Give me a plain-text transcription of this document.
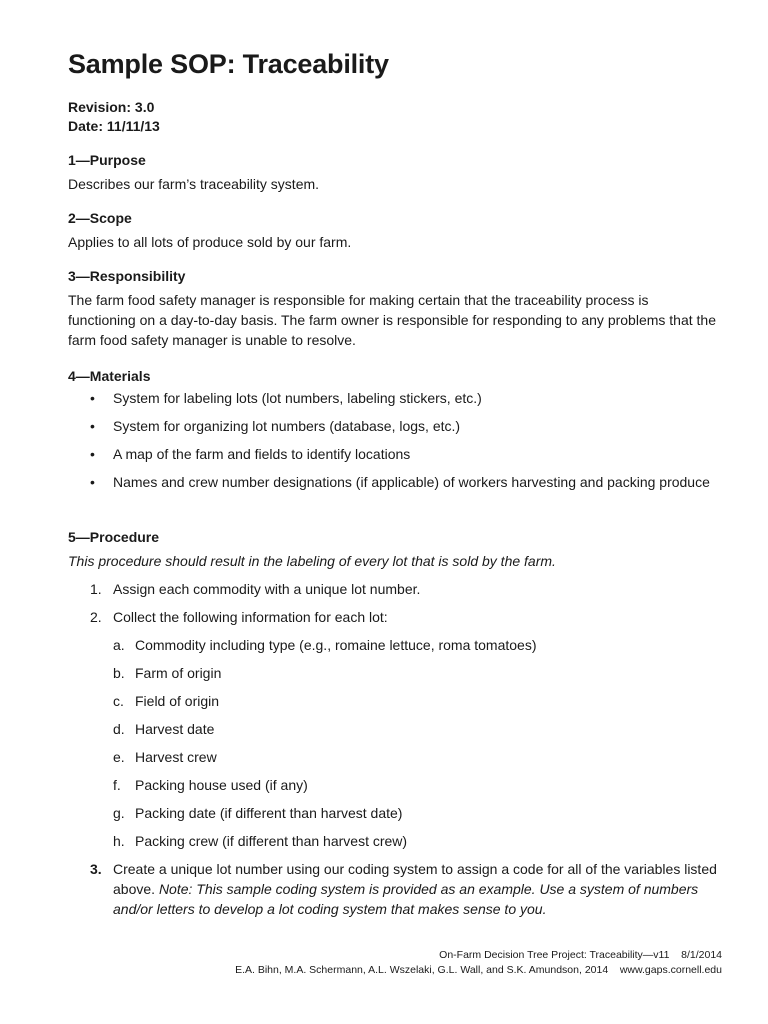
Sample SOP: Traceability
Revision: 3.0
Date: 11/11/13

1—Purpose

Describes our farm’s traceability system.

2—Scope

Applies to all lots of produce sold by our farm.

3—Responsibility

The farm food safety manager is responsible for making certain that the traceability process is functioning on a day-to-day basis. The farm owner is responsible for responding to any problems that the farm food safety manager is unable to resolve.

4—Materials

• System for labeling lots (lot numbers, labeling stickers, etc.)
• System for organizing lot numbers (database, logs, etc.)
• A map of the farm and fields to identify locations
• Names and crew number designations (if applicable) of workers harvesting and packing produce

5—Procedure

This procedure should result in the labeling of every lot that is sold by the farm.

1. Assign each commodity with a unique lot number.
2. Collect the following information for each lot:
a. Commodity including type (e.g., romaine lettuce, roma tomatoes)
b. Farm of origin
c. Field of origin
d. Harvest date
e. Harvest crew
f.	Packing house used (if any)
g. Packing date (if different than harvest date)
h. Packing crew (if different than harvest crew)
3. Create a unique lot number using our coding system to assign a code for all of the variables listed above. Note: This sample coding system is provided as an example. Use a system of numbers and/or letters to develop a lot coding system that makes sense to you.
On-Farm Decision Tree Project: Traceability—v11    8/1/2014
E.A. Bihn, M.A. Schermann, A.L. Wszelaki, G.L. Wall, and S.K. Amundson, 2014    www.gaps.cornell.edu
